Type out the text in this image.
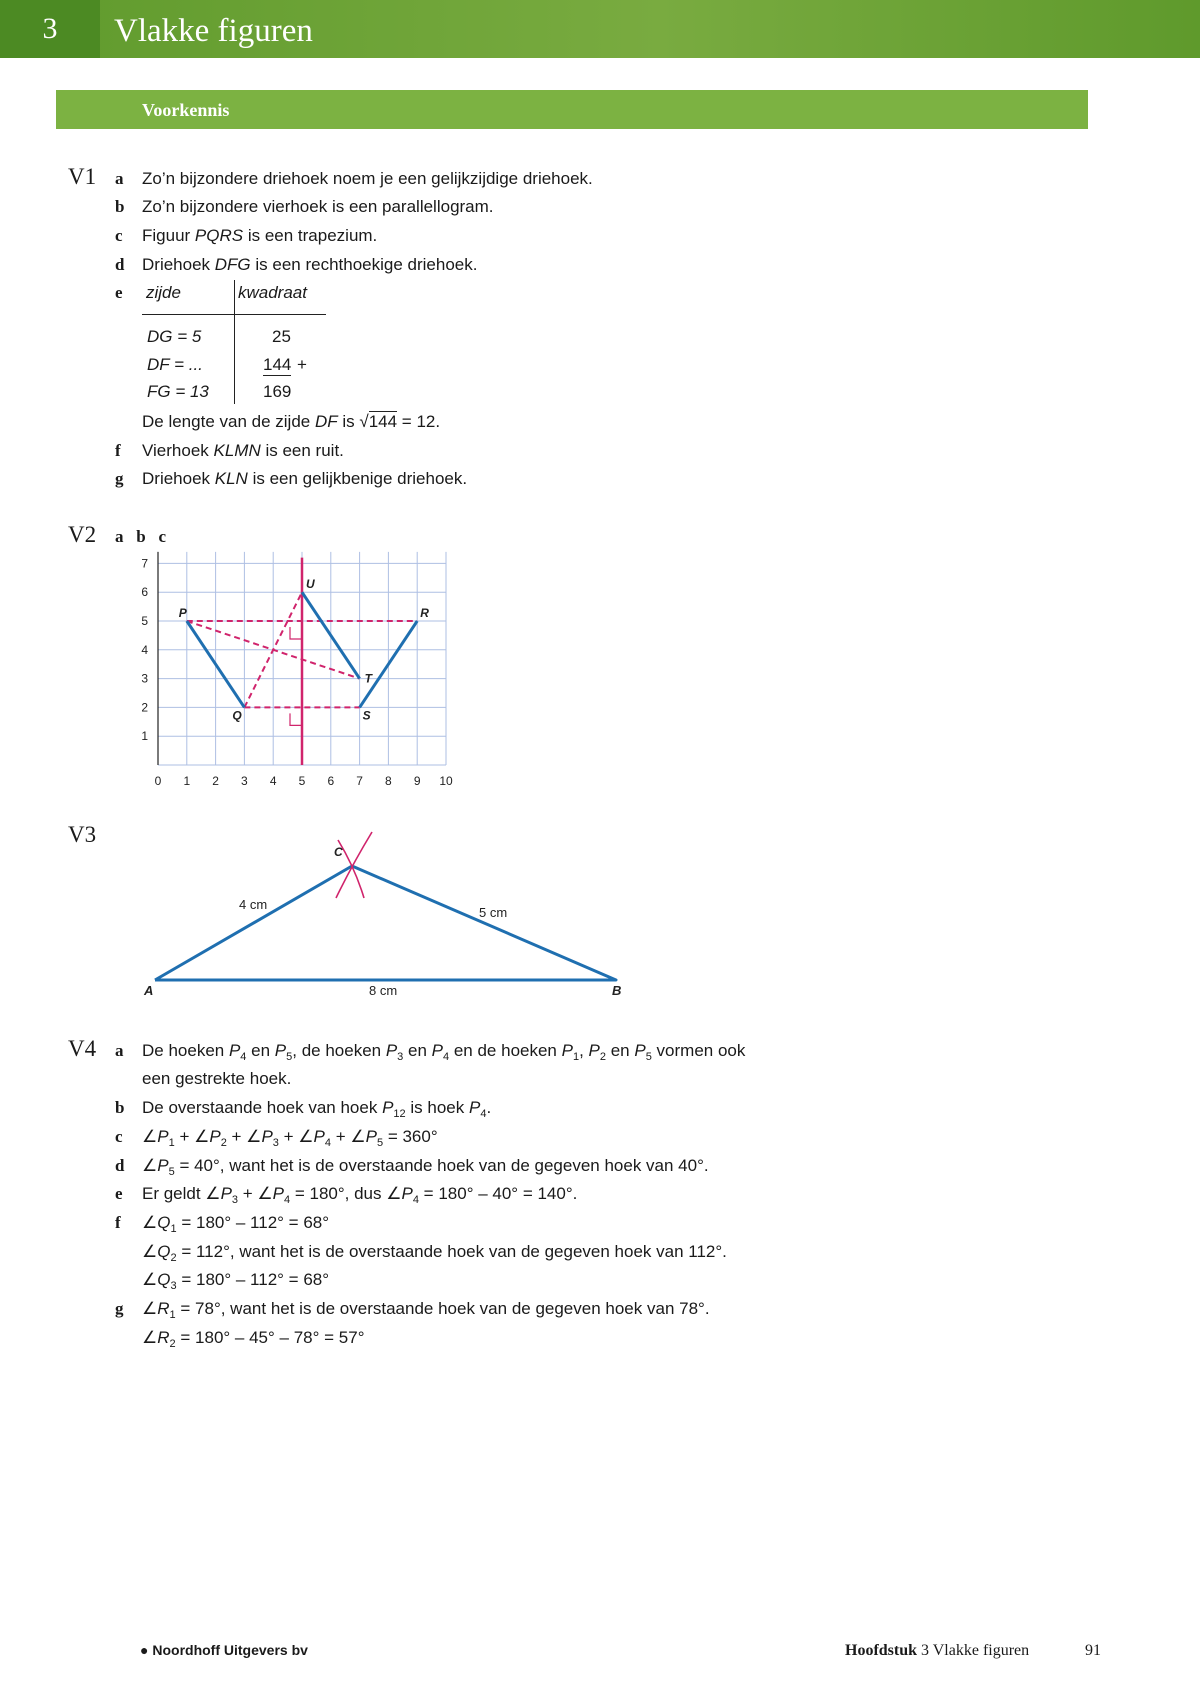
3	Vlakke figuren
Voorkennis
V1 a Zo’n bijzondere driehoek noem je een gelijkzijdige driehoek.
b Zo’n bijzondere vierhoek is een parallellogram.
c Figuur PQRS is een trapezium.
d Driehoek DFG is een rechthoekige driehoek.
e zijde	kwadraat
DG = 5	25
DF = ...	144 +
FG = 13	169
De lengte van de zijde DF is √144 = 12.
f Vierhoek KLMN is een ruit.
g Driehoek KLN is een gelijkbenige driehoek.
V2 a   b   c
0 1 2 3 4 5 6 7 8 9 10
1
2
3
4
5
6
7
P
Q
R
S
T
U
V3
C
A	B
4 cm
5 cm
8 cm
V4 a De hoeken $P_4$ en $P_5$, de hoeken $P_3$ en $P_4$ en de hoeken $P_1$, $P_2$ en $P_5$ vormen ook
een gestrekte hoek.
b De overstaande hoek van hoek $P_{12}$ is hoek $P_4$.
c $\angle P_1$ + $\angle P_2$ + $\angle P_3$ + $\angle P_4$ + $\angle P_5 = 360^\circ$
d $\angle P_5 = 40^\circ$, want het is de overstaande hoek van de gegeven hoek van 40°.
e Er geldt $\angle P_3$ + $\angle P_4 = 180^\circ$, dus $\angle P_4 = 180^\circ - 40^\circ = 140^\circ$.
f $\angle Q_1 = 180^\circ - 112^\circ = 68^\circ$
$\angle Q_2 = 112^\circ$, want het is de overstaande hoek van de gegeven hoek van 112°.
$\angle Q_3 = 180^\circ - 112^\circ = 68^\circ$
g $\angle R_1 = 78^\circ$, want het is de overstaande hoek van de gegeven hoek van 78°.
$\angle R_2 = 180^\circ - 45^\circ - 78^\circ = 57^\circ$
● Noordhoff Uitgevers bv	Hoofdstuk 3 Vlakke figuren	91
